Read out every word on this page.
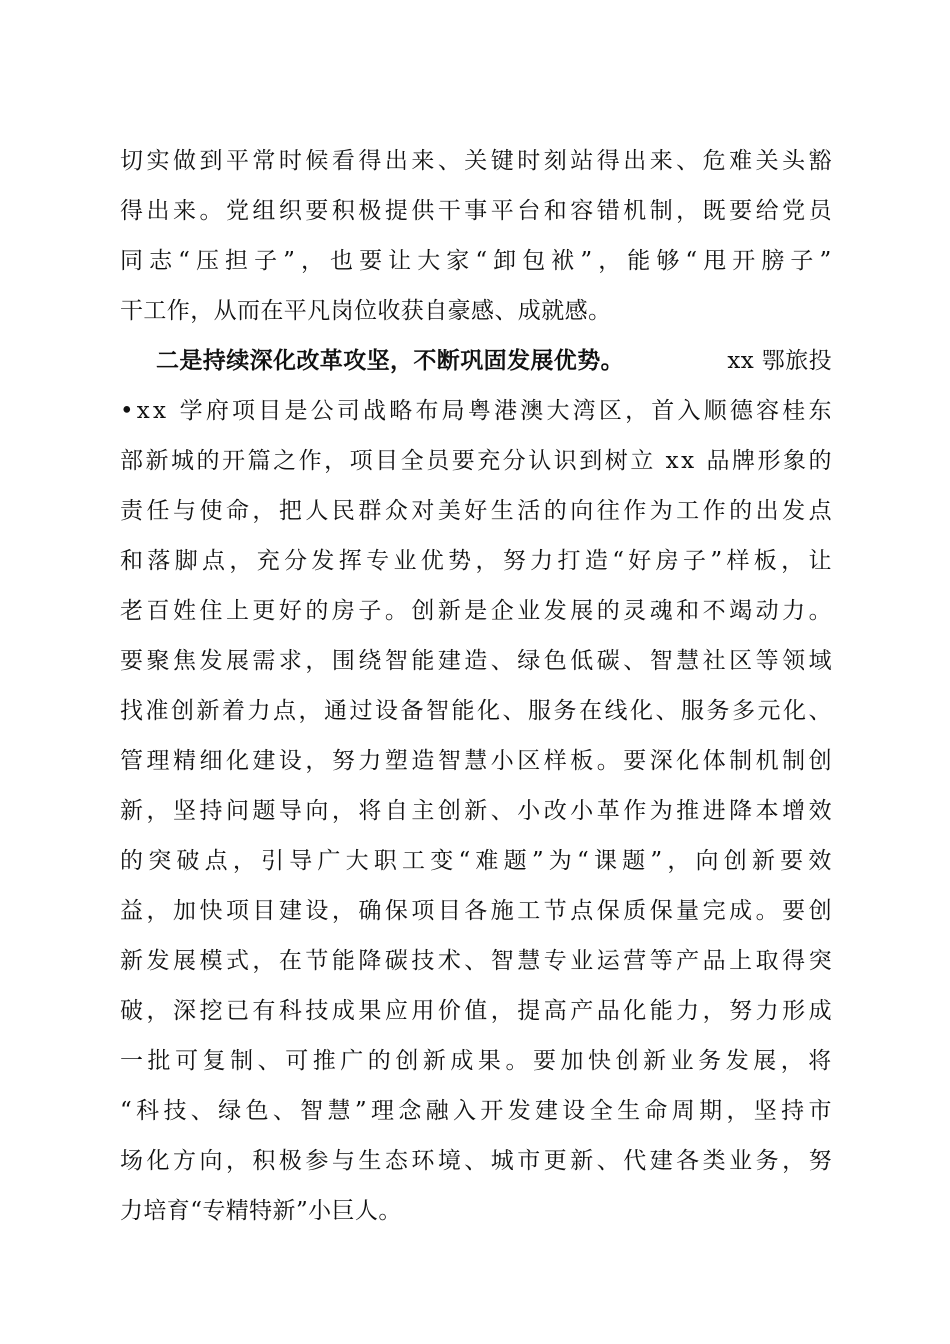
切 实 做 到 平 常 时 候 看 得 出 来 、 关 键 时 刻 站 得 出 来 、 危 难 关 头 豁
得 出 来 。 党 组 织 要 积 极 提 供 干 事 平 台 和 容 错 机 制 ， 既 要 给 党 员
同 志 “ 压 担 子 ” ， 也 要 让 大 家 “ 卸 包 袱 ” ， 能 够 “ 甩 开 膀 子 ”
干工作，从而在平凡岗位收获自豪感、成就感。
二是持续深化改革攻坚，不断巩固发展优势。	xx 鄂旅投
• x x
学 府 项 目 是 公 司 战 略 布 局 粤 港 澳 大 湾 区 ， 首 入 顺 德 容 桂 东
部 新 城 的 开 篇 之 作 ， 项 目 全 员 要 充 分 认 识 到 树 立
x x
品 牌 形 象 的
责 任 与 使 命 ， 把 人 民 群 众 对 美 好 生 活 的 向 往 作 为 工 作 的 出 发 点
和 落 脚 点 ， 充 分 发 挥 专 业 优 势 ， 努 力 打 造 “ 好 房 子 ” 样 板 ， 让
老 百 姓 住 上 更 好 的 房 子 。 创 新 是 企 业 发 展 的 灵 魂 和 不 竭 动 力 。
要 聚 焦 发 展 需 求 ， 围 绕 智 能 建 造 、 绿 色 低 碳 、 智 慧 社 区 等 领 域
找 准 创 新 着 力 点 ， 通 过 设 备 智 能 化 、 服 务 在 线 化 、 服 务 多 元 化 、
管 理 精 细 化 建 设 ， 努 力 塑 造 智 慧 小 区 样 板 。 要 深 化 体 制 机 制 创
新 ， 坚 持 问 题 导 向 ， 将 自 主 创 新 、 小 改 小 革 作 为 推 进 降 本 增 效
的 突 破 点 ， 引 导 广 大 职 工 变 “ 难 题 ” 为 “ 课 题 ” ， 向 创 新 要 效
益 ， 加 快 项 目 建 设 ， 确 保 项 目 各 施 工 节 点 保 质 保 量 完 成 。 要 创
新 发 展 模 式 ， 在 节 能 降 碳 技 术 、 智 慧 专 业 运 营 等 产 品 上 取 得 突
破 ， 深 挖 已 有 科 技 成 果 应 用 价 值 ， 提 高 产 品 化 能 力 ， 努 力 形 成
一 批 可 复 制 、 可 推 广 的 创 新 成 果 。 要 加 快 创 新 业 务 发 展 ， 将
“ 科 技 、 绿 色 、 智 慧 ” 理 念 融 入 开 发 建 设 全 生 命 周 期 ， 坚 持 市
场 化 方 向 ， 积 极 参 与 生 态 环 境 、 城 市 更 新 、 代 建 各 类 业 务 ， 努
力培育“专精特新”小巨人。
